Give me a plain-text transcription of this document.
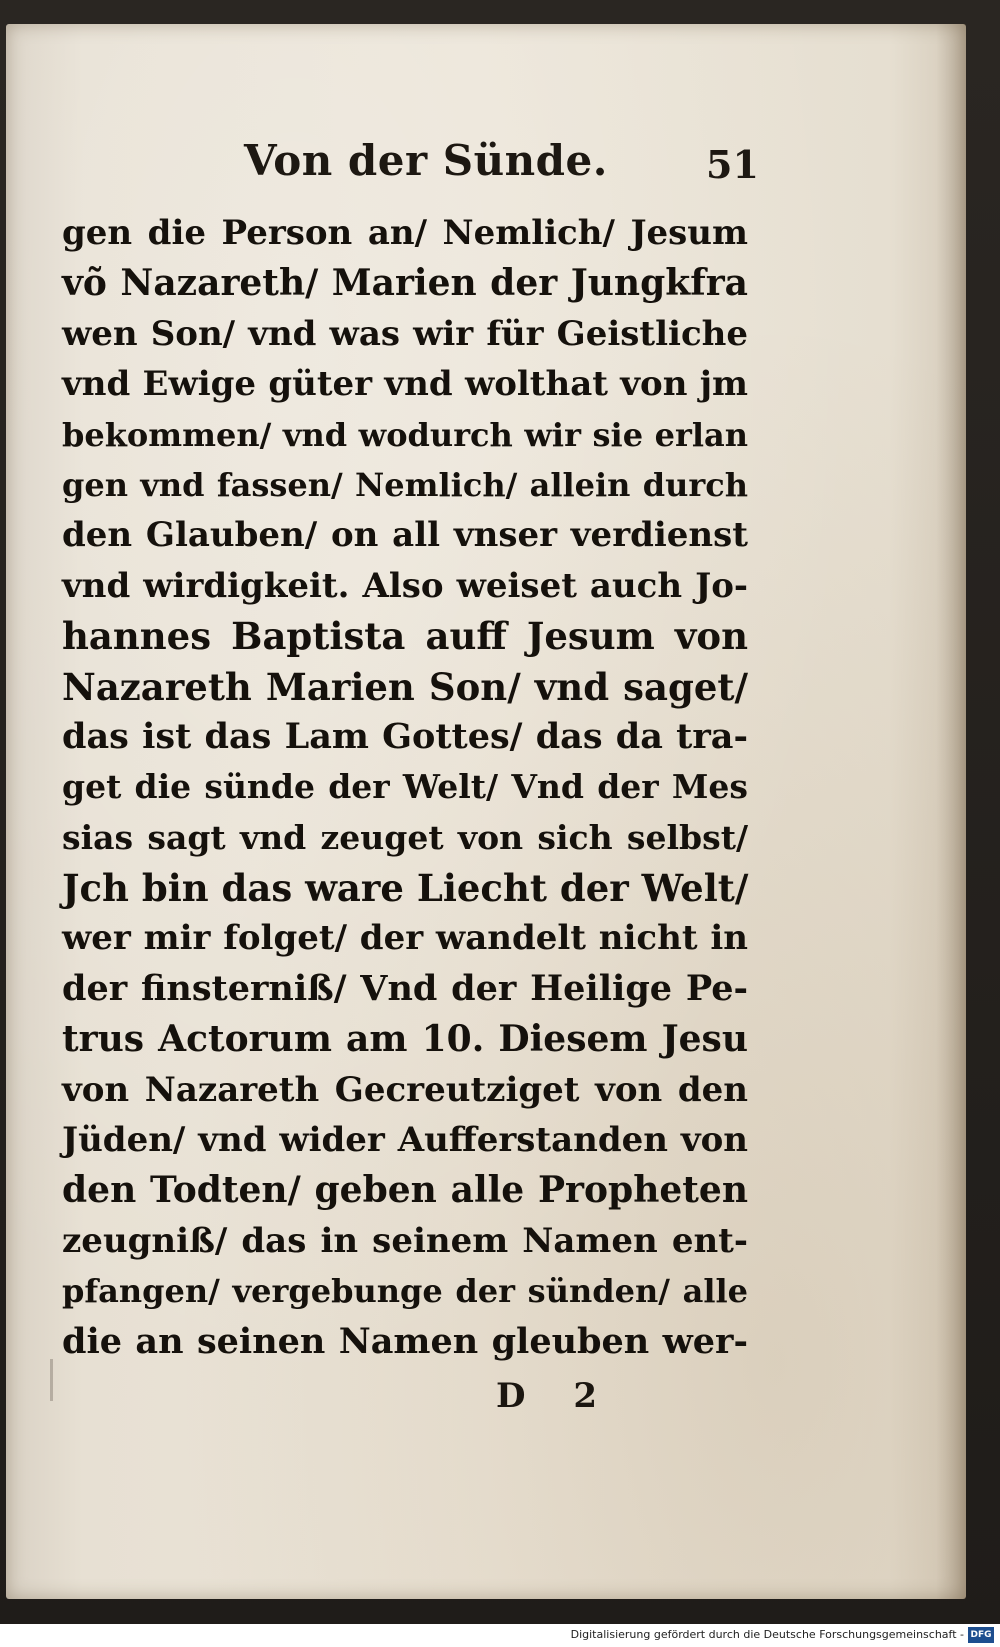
Von der Sünde.	51
gen die Person an/ Nemlich/ Jesum
võ Nazareth/ Marien der Jungkfra
wen Son/ vnd was wir für Geistliche
vnd Ewige güter vnd wolthat von jm
bekommen/ vnd wodurch wir sie erlan
gen vnd fassen/ Nemlich/ allein durch
den Glauben/ on all vnser verdienst
vnd wirdigkeit. Also weiset auch Jo-
hannes Baptista auff Jesum von
Nazareth Marien Son/ vnd saget/
das ist das Lam Gottes/ das da tra-
get die sünde der Welt/ Vnd der Mes
sias sagt vnd zeuget von sich selbst/
Jch bin das ware Liecht der Welt/
wer mir folget/ der wandelt nicht in
der finsterniß/ Vnd der Heilige Pe-
trus Actorum am 10. Diesem Jesu
von Nazareth Gecreutziget von den
Jüden/ vnd wider Aufferstanden von
den Todten/ geben alle Propheten
zeugniß/ das in seinem Namen ent-
pfangen/ vergebunge der sünden/ alle
die an seinen Namen gleuben wer-
D 2
Digitalisierung gefördert durch die Deutsche Forschungsgemeinschaft - DFG
